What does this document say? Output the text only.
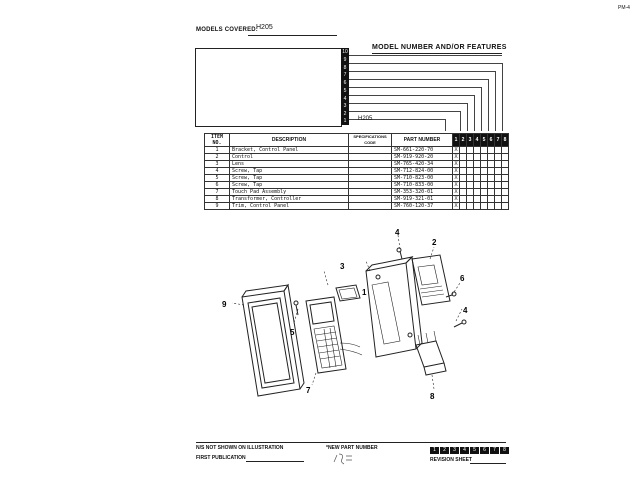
PM-4
MODELS COVERED:
H205
MODEL NUMBER AND/OR FEATURES
10
9
8
7
6
5
4
3
2
1	H205
ITEM NO.	DESCRIPTION	SPECIFICATIONS CODE	PART NUMBER	1	2	3	4	5	6	7	8
1	Bracket, Control Panel		SM-661-220-70	X							
2	Control		SM-919-920-20	X							
3	Lens		SM-765-420-34	X							
4	Screw, Tap		SM-712-824-00	X							
5	Screw, Tap		SM-710-823-00	X							
6	Screw, Tap		SM-710-833-00	X							
7	Touch Pad Assembly		SM-353-320-01	X							
8	Transformer, Controller		SM-919-321-01	X							
9	Trim, Control Panel		SM-760-120-37	X							
9
3
2
4
6
4
5
1
7
8
N/S NOT SHOWN ON ILLUSTRATION	*NEW PART NUMBER	1	2	3	4	5	6	7	8
FIRST PUBLICATION	REVISION SHEET
